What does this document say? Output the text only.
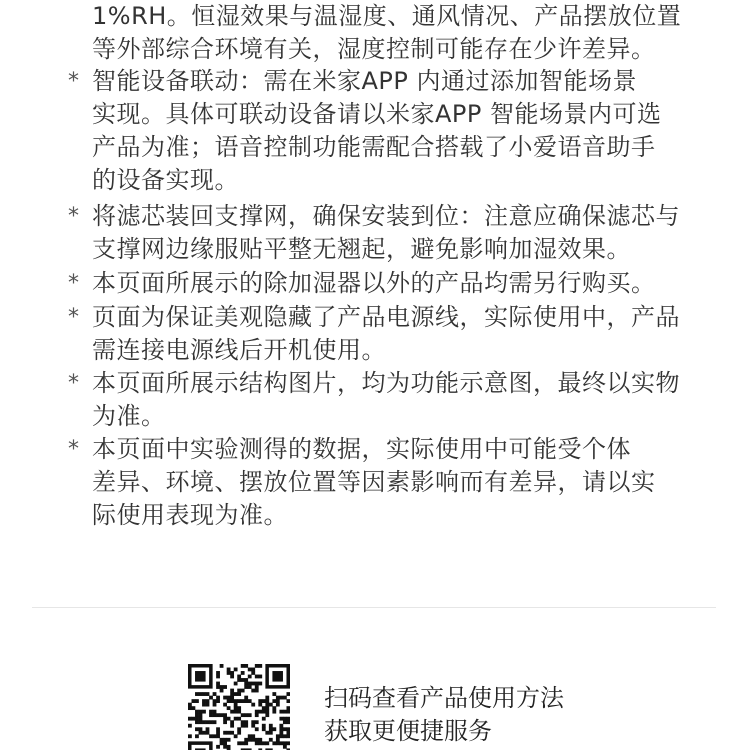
1%RH。恒湿效果与温湿度、通风情况、产品摆放位置
等外部综合环境有关，湿度控制可能存在少许差异。
* 智能设备联动：需在米家APP 内通过添加智能场景
实现。具体可联动设备请以米家APP 智能场景内可选
产品为准；语音控制功能需配合搭载了小爱语音助手
的设备实现。
* 将滤芯装回支撑网，确保安装到位：注意应确保滤芯与
支撑网边缘服贴平整无翘起，避免影响加湿效果。
* 本页面所展示的除加湿器以外的产品均需另行购买。
* 页面为保证美观隐藏了产品电源线，实际使用中，产品
需连接电源线后开机使用。
* 本页面所展示结构图片，均为功能示意图，最终以实物
为准。
* 本页面中实验测得的数据，实际使用中可能受个体
差异、环境、摆放位置等因素影响而有差异，请以实
际使用表现为准。
扫码查看产品使用方法
获取更便捷服务
